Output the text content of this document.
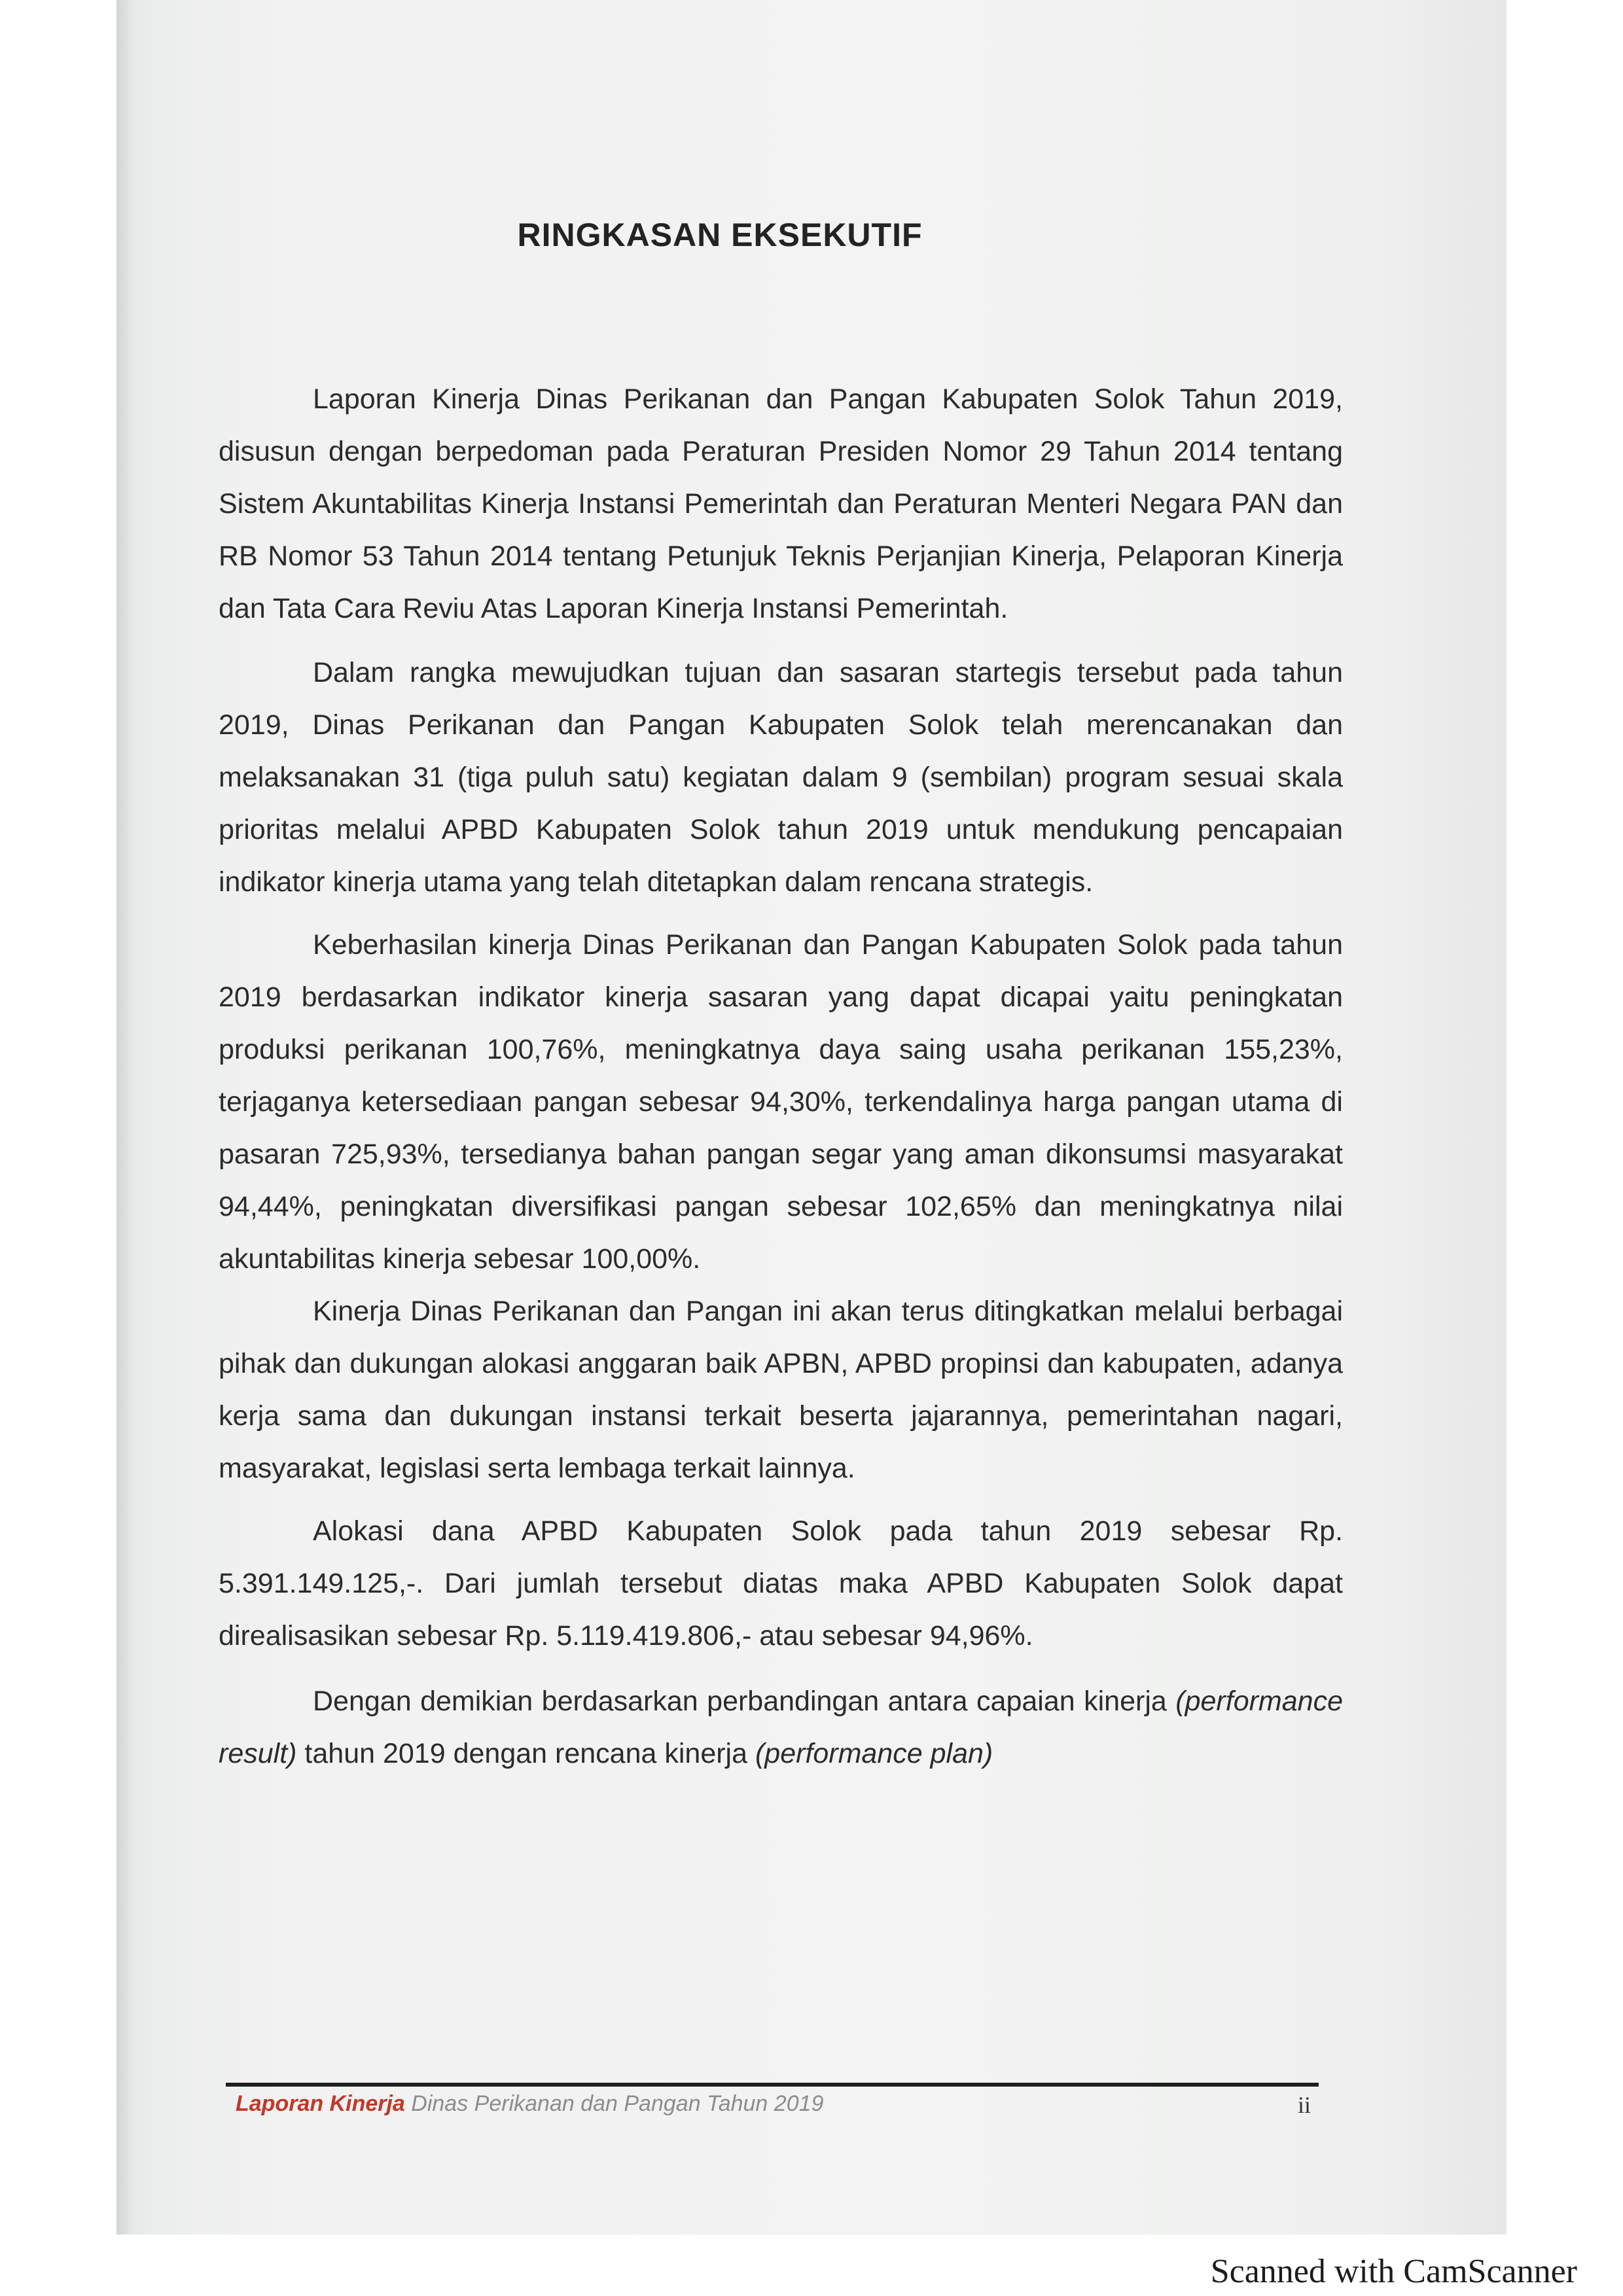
RINGKASAN EKSEKUTIF

Laporan Kinerja Dinas Perikanan dan Pangan Kabupaten Solok Tahun 2019, disusun dengan berpedoman pada Peraturan Presiden Nomor 29 Tahun 2014 tentang Sistem Akuntabilitas Kinerja Instansi Pemerintah dan Peraturan Menteri Negara PAN dan RB Nomor 53 Tahun 2014 tentang Petunjuk Teknis Perjanjian Kinerja, Pelaporan Kinerja dan Tata Cara Reviu Atas Laporan Kinerja Instansi Pemerintah.

Dalam rangka mewujudkan tujuan dan sasaran startegis tersebut pada tahun 2019, Dinas Perikanan dan Pangan Kabupaten Solok telah merencanakan dan melaksanakan 31 (tiga puluh satu) kegiatan dalam 9 (sembilan) program sesuai skala prioritas melalui APBD Kabupaten Solok tahun 2019 untuk mendukung pencapaian indikator kinerja utama yang telah ditetapkan dalam rencana strategis.

Keberhasilan kinerja Dinas Perikanan dan Pangan Kabupaten Solok pada tahun 2019 berdasarkan indikator kinerja sasaran yang dapat dicapai yaitu peningkatan produksi perikanan 100,76%, meningkatnya daya saing usaha perikanan 155,23%, terjaganya ketersediaan pangan sebesar 94,30%, terkendalinya harga pangan utama di pasaran 725,93%, tersedianya bahan pangan segar yang aman dikonsumsi masyarakat 94,44%, peningkatan diversifikasi pangan sebesar 102,65% dan meningkatnya nilai akuntabilitas kinerja sebesar 100,00%.

Kinerja Dinas Perikanan dan Pangan ini akan terus ditingkatkan melalui berbagai pihak dan dukungan alokasi anggaran baik APBN, APBD propinsi dan kabupaten, adanya kerja sama dan dukungan instansi terkait beserta jajarannya, pemerintahan nagari, masyarakat, legislasi serta lembaga terkait lainnya.

Alokasi dana APBD Kabupaten Solok pada tahun 2019 sebesar Rp. 5.391.149.125,-. Dari jumlah tersebut diatas maka APBD Kabupaten Solok dapat direalisasikan sebesar Rp. 5.119.419.806,- atau sebesar 94,96%.

Dengan demikian berdasarkan perbandingan antara capaian kinerja (performance result) tahun 2019 dengan rencana kinerja (performance plan)

Laporan Kinerja Dinas Perikanan dan Pangan Tahun 2019	ii
Scanned with CamScanner
